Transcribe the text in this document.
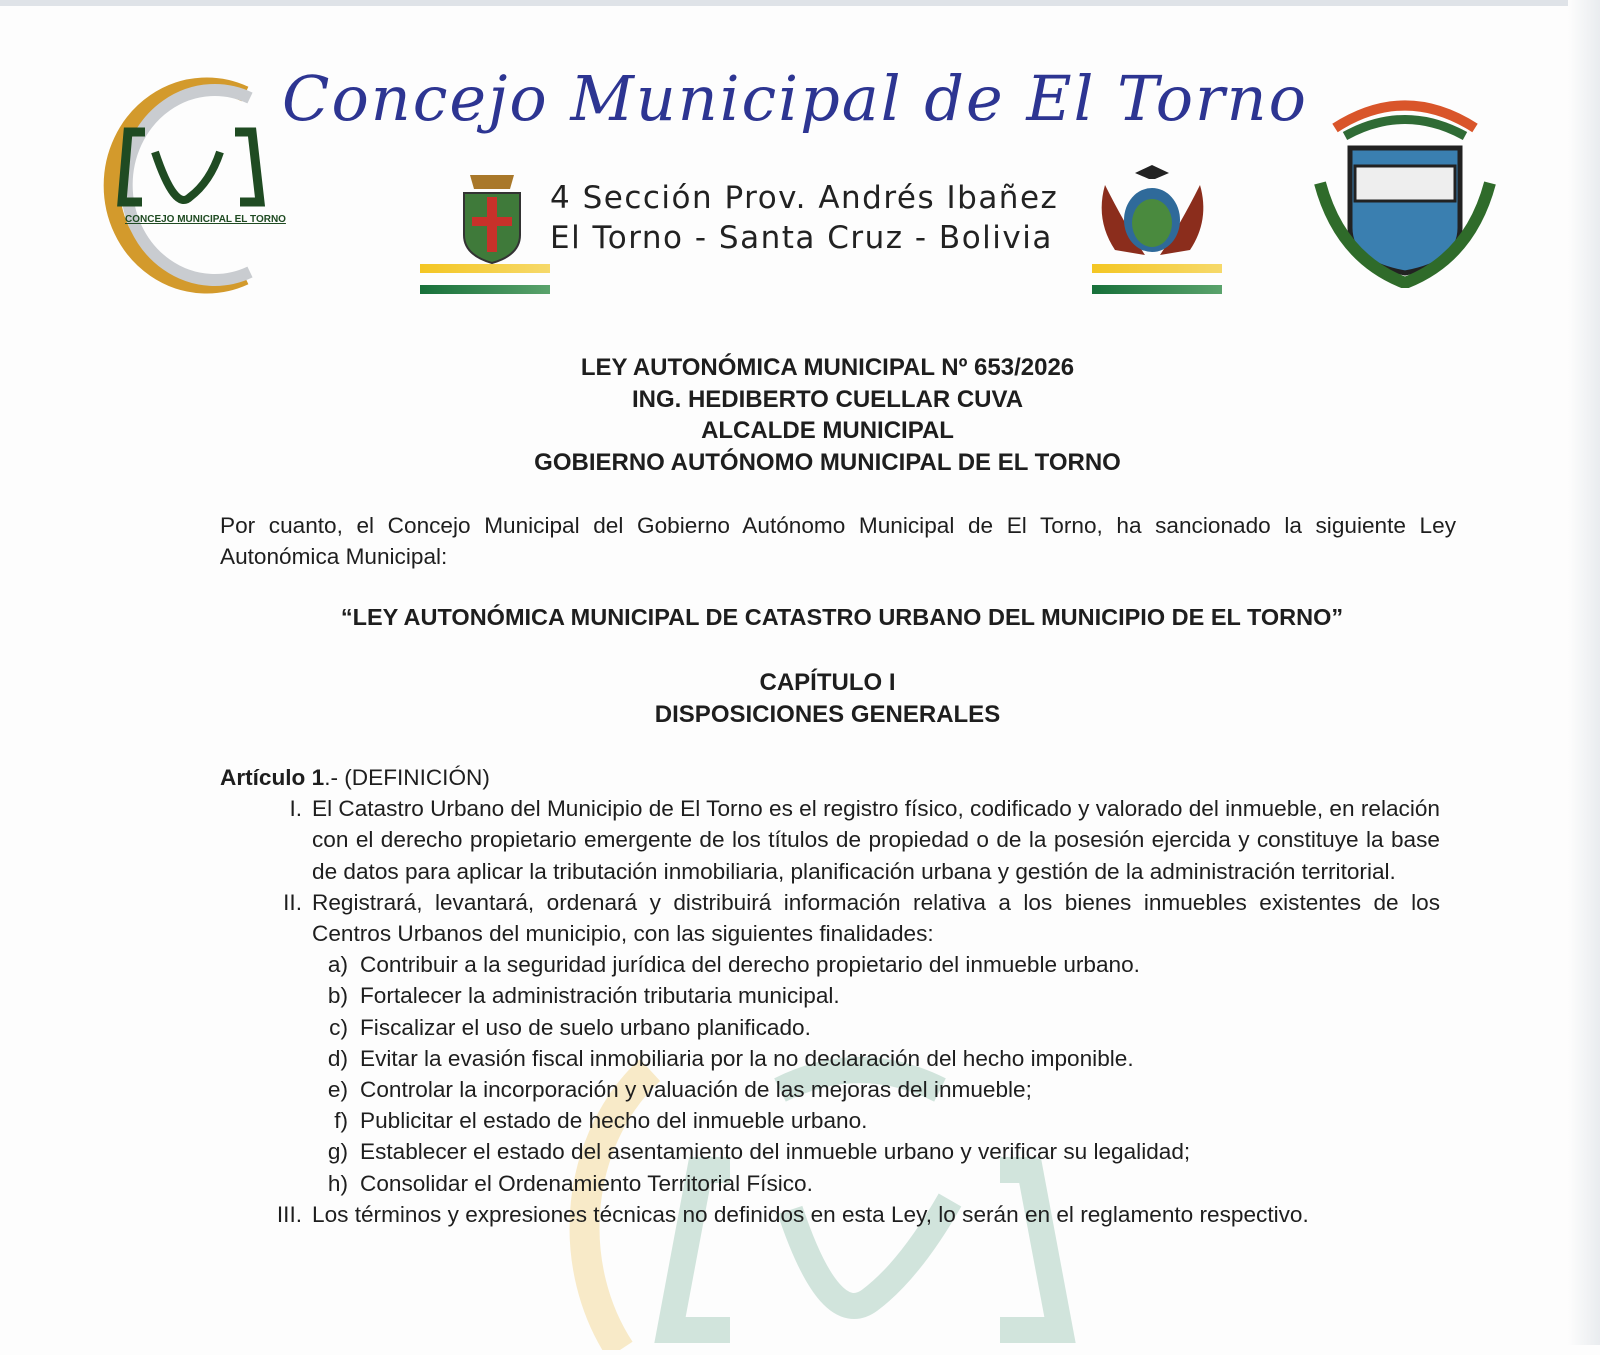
CONCEJO MUNICIPAL EL TORNO
Concejo Municipal de El Torno
4 Sección Prov. Andrés Ibañez
El Torno - Santa Cruz - Bolivia
LEY AUTONÓMICA MUNICIPAL Nº 653/2026
ING. HEDIBERTO CUELLAR CUVA
ALCALDE MUNICIPAL
GOBIERNO AUTÓNOMO MUNICIPAL DE EL TORNO
Por cuanto, el Concejo Municipal del Gobierno Autónomo Municipal de El Torno, ha sancionado la siguiente Ley Autonómica Municipal:
“LEY AUTONÓMICA MUNICIPAL DE CATASTRO URBANO DEL MUNICIPIO DE EL TORNO”
CAPÍTULO I
DISPOSICIONES GENERALES
Artículo 1.- (DEFINICIÓN)
I. El Catastro Urbano del Municipio de El Torno es el registro físico, codificado y valorado del inmueble, en relación con el derecho propietario emergente de los títulos de propiedad o de la posesión ejercida y constituye la base de datos para aplicar la tributación inmobiliaria, planificación urbana y gestión de la administración territorial.
II. Registrará, levantará, ordenará y distribuirá información relativa a los bienes inmuebles existentes de los Centros Urbanos del municipio, con las siguientes finalidades:
a) Contribuir a la seguridad jurídica del derecho propietario del inmueble urbano.
b) Fortalecer la administración tributaria municipal.
c) Fiscalizar el uso de suelo urbano planificado.
d) Evitar la evasión fiscal inmobiliaria por la no declaración del hecho imponible.
e) Controlar la incorporación y valuación de las mejoras del inmueble;
f) Publicitar el estado de hecho del inmueble urbano.
g) Establecer el estado del asentamiento del inmueble urbano y verificar su legalidad;
h) Consolidar el Ordenamiento Territorial Físico.
III. Los términos y expresiones técnicas no definidos en esta Ley, lo serán en el reglamento respectivo.
